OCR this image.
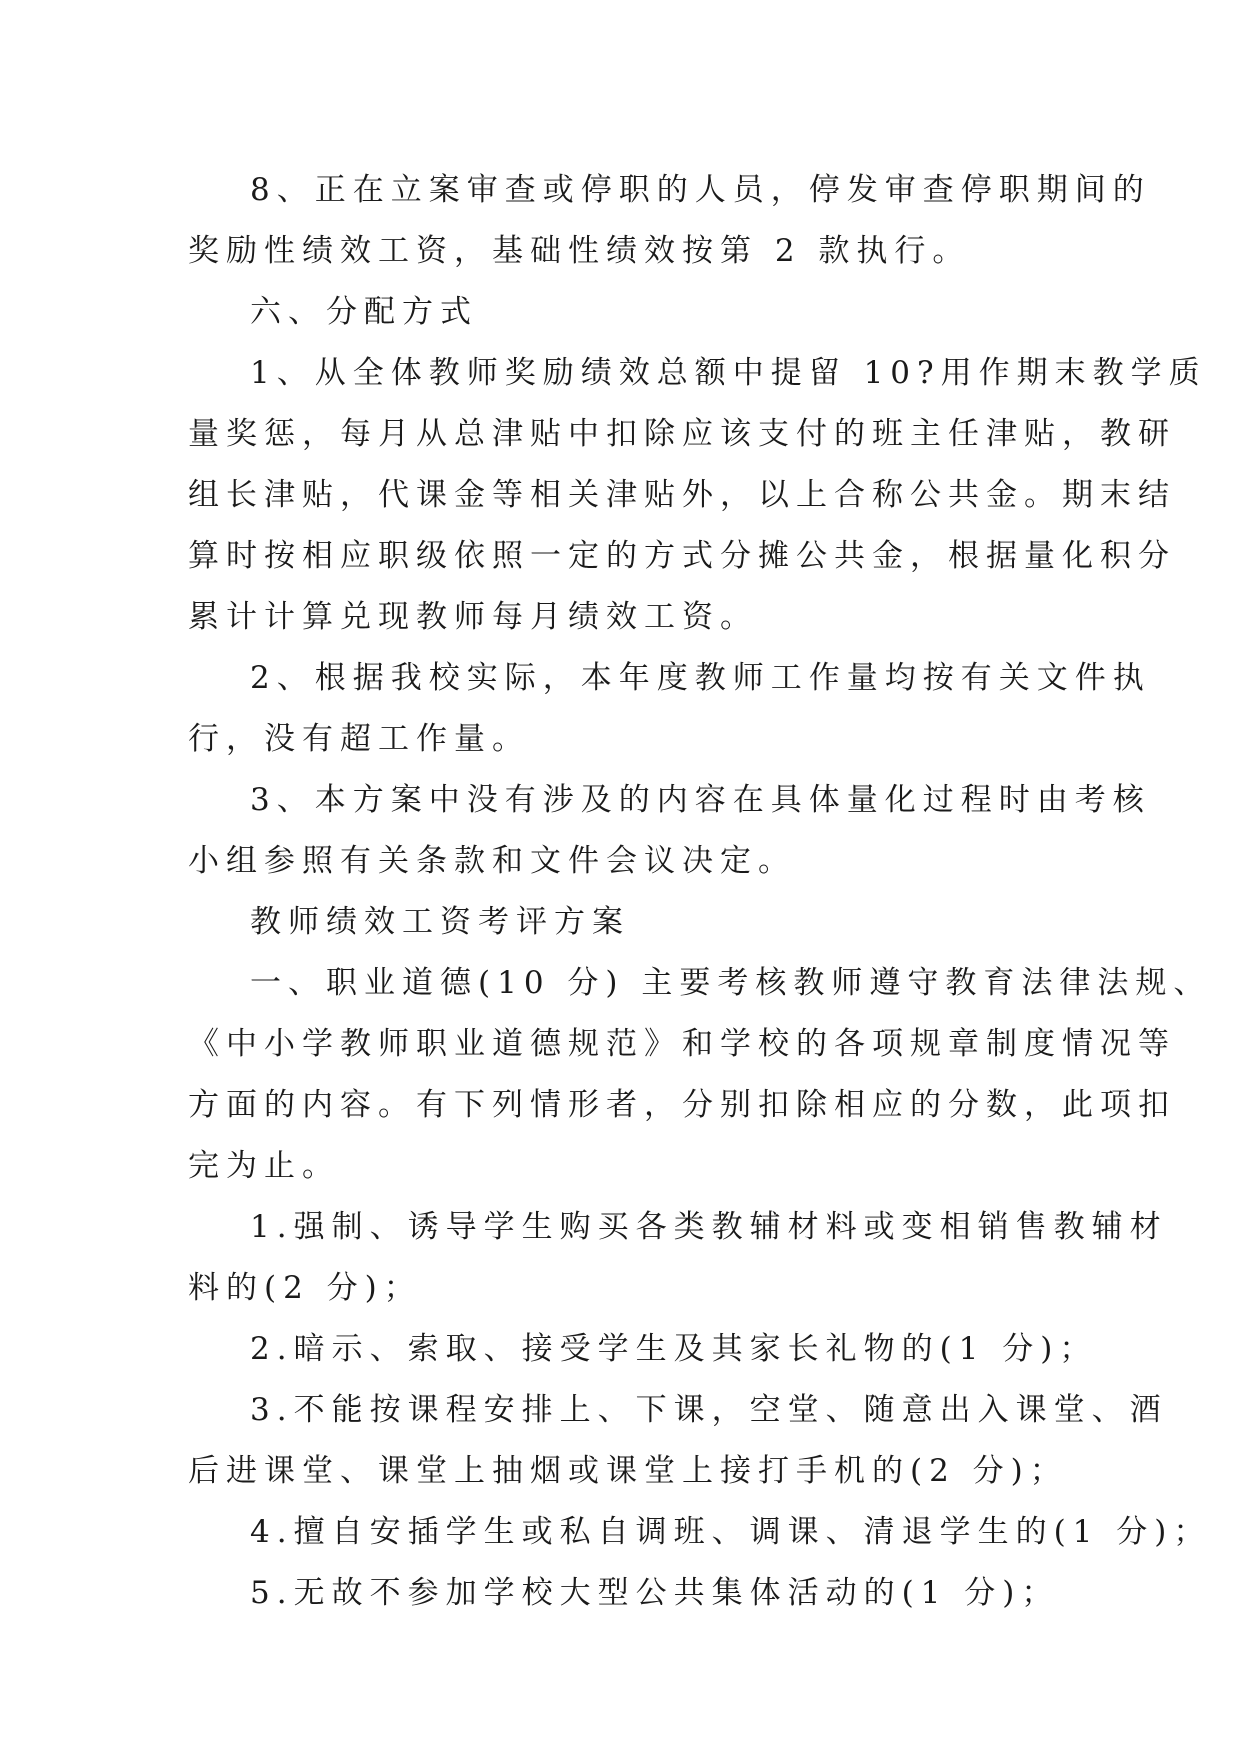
8、正在立案审查或停职的人员，停发审查停职期间的
奖励性绩效工资，基础性绩效按第 2 款执行。
六、分配方式
1、从全体教师奖励绩效总额中提留 10?用作期末教学质
量奖惩，每月从总津贴中扣除应该支付的班主任津贴，教研
组长津贴，代课金等相关津贴外，以上合称公共金。期末结
算时按相应职级依照一定的方式分摊公共金，根据量化积分
累计计算兑现教师每月绩效工资。
2、根据我校实际，本年度教师工作量均按有关文件执
行，没有超工作量。
3、本方案中没有涉及的内容在具体量化过程时由考核
小组参照有关条款和文件会议决定。
教师绩效工资考评方案
一、职业道德(10 分) 主要考核教师遵守教育法律法规、
《中小学教师职业道德规范》和学校的各项规章制度情况等
方面的内容。有下列情形者，分别扣除相应的分数，此项扣
完为止。
1.强制、诱导学生购买各类教辅材料或变相销售教辅材
料的(2 分)；
2.暗示、索取、接受学生及其家长礼物的(1 分)；
3.不能按课程安排上、下课，空堂、随意出入课堂、酒
后进课堂、课堂上抽烟或课堂上接打手机的(2 分)；
4.擅自安插学生或私自调班、调课、清退学生的(1 分)；
5.无故不参加学校大型公共集体活动的(1 分)；
